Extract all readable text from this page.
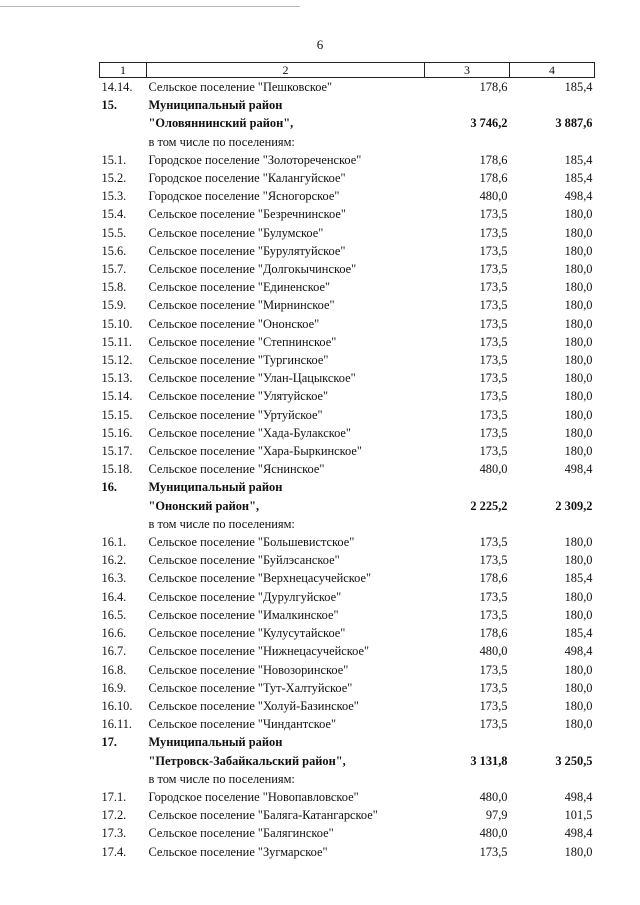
6
1	2	3	4
14.14.	Сельское поселение "Пешковское"	178,6	185,4
15.	Муниципальный район		
	"Оловяннинский район",	3 746,2	3 887,6
	в том числе по поселениям:		
15.1.	Городское поселение "Золотореченское"	178,6	185,4
15.2.	Городское поселение "Калангуйское"	178,6	185,4
15.3.	Городское поселение "Ясногорское"	480,0	498,4
15.4.	Сельское поселение "Безречнинское"	173,5	180,0
15.5.	Сельское поселение "Булумское"	173,5	180,0
15.6.	Сельское поселение "Бурулятуйское"	173,5	180,0
15.7.	Сельское поселение "Долгокычинское"	173,5	180,0
15.8.	Сельское поселение "Единенское"	173,5	180,0
15.9.	Сельское поселение "Мирнинское"	173,5	180,0
15.10.	Сельское поселение "Ононское"	173,5	180,0
15.11.	Сельское поселение "Степнинское"	173,5	180,0
15.12.	Сельское поселение "Тургинское"	173,5	180,0
15.13.	Сельское поселение "Улан-Цацыкское"	173,5	180,0
15.14.	Сельское поселение "Улятуйское"	173,5	180,0
15.15.	Сельское поселение "Уртуйское"	173,5	180,0
15.16.	Сельское поселение "Хада-Булакское"	173,5	180,0
15.17.	Сельское поселение "Хара-Быркинское"	173,5	180,0
15.18.	Сельское поселение "Яснинское"	480,0	498,4
16.	Муниципальный район		
	"Ононский район",	2 225,2	2 309,2
	в том числе по поселениям:		
16.1.	Сельское поселение "Большевистское"	173,5	180,0
16.2.	Сельское поселение "Буйлэсанское"	173,5	180,0
16.3.	Сельское поселение "Верхнецасучейское"	178,6	185,4
16.4.	Сельское поселение "Дурулгуйское"	173,5	180,0
16.5.	Сельское поселение "Ималкинское"	173,5	180,0
16.6.	Сельское поселение "Кулусутайское"	178,6	185,4
16.7.	Сельское поселение "Нижнецасучейское"	480,0	498,4
16.8.	Сельское поселение "Новозоринское"	173,5	180,0
16.9.	Сельское поселение "Тут-Халтуйское"	173,5	180,0
16.10.	Сельское поселение "Холуй-Базинское"	173,5	180,0
16.11.	Сельское поселение "Чиндантское"	173,5	180,0
17.	Муниципальный район		
	"Петровск-Забайкальский район",	3 131,8	3 250,5
	в том числе по поселениям:		
17.1.	Городское поселение "Новопавловское"	480,0	498,4
17.2.	Сельское поселение "Баляга-Катангарское"	97,9	101,5
17.3.	Сельское поселение "Балягинское"	480,0	498,4
17.4.	Сельское поселение "Зугмарское"	173,5	180,0
